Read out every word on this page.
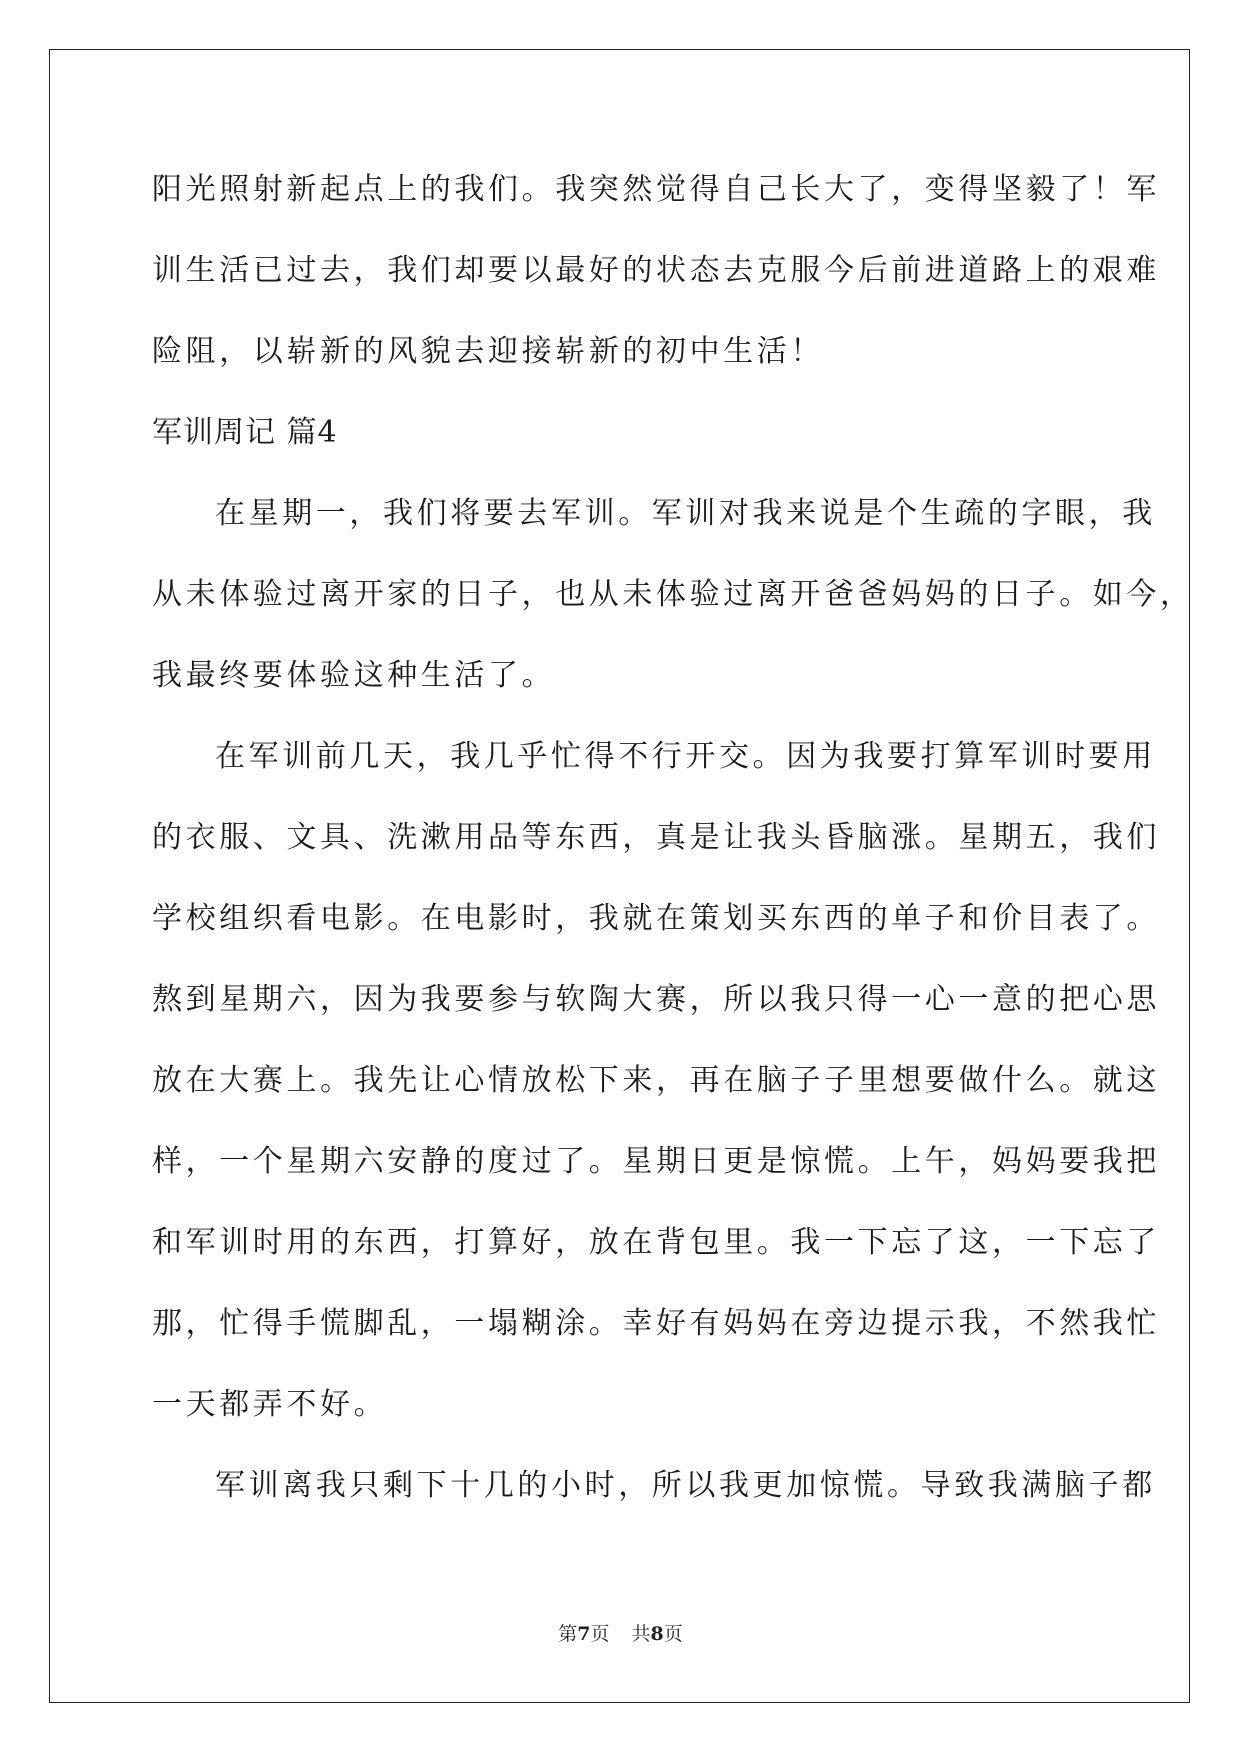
阳光照射新起点上的我们。我突然觉得自己长大了，变得坚毅了！军
训生活已过去，我们却要以最好的状态去克服今后前进道路上的艰难
险阻，以崭新的风貌去迎接崭新的初中生活！
军训周记 篇4
在星期一，我们将要去军训。军训对我来说是个生疏的字眼，我
从未体验过离开家的日子，也从未体验过离开爸爸妈妈的日子。如今，
我最终要体验这种生活了。
在军训前几天，我几乎忙得不行开交。因为我要打算军训时要用
的衣服、文具、洗漱用品等东西，真是让我头昏脑涨。星期五，我们
学校组织看电影。在电影时，我就在策划买东西的单子和价目表了。
熬到星期六，因为我要参与软陶大赛，所以我只得一心一意的把心思
放在大赛上。我先让心情放松下来，再在脑子子里想要做什么。就这
样，一个星期六安静的度过了。星期日更是惊慌。上午，妈妈要我把
和军训时用的东西，打算好，放在背包里。我一下忘了这，一下忘了
那，忙得手慌脚乱，一塌糊涂。幸好有妈妈在旁边提示我，不然我忙
一天都弄不好。
军训离我只剩下十几的小时，所以我更加惊慌。导致我满脑子都
第7页 共8页
